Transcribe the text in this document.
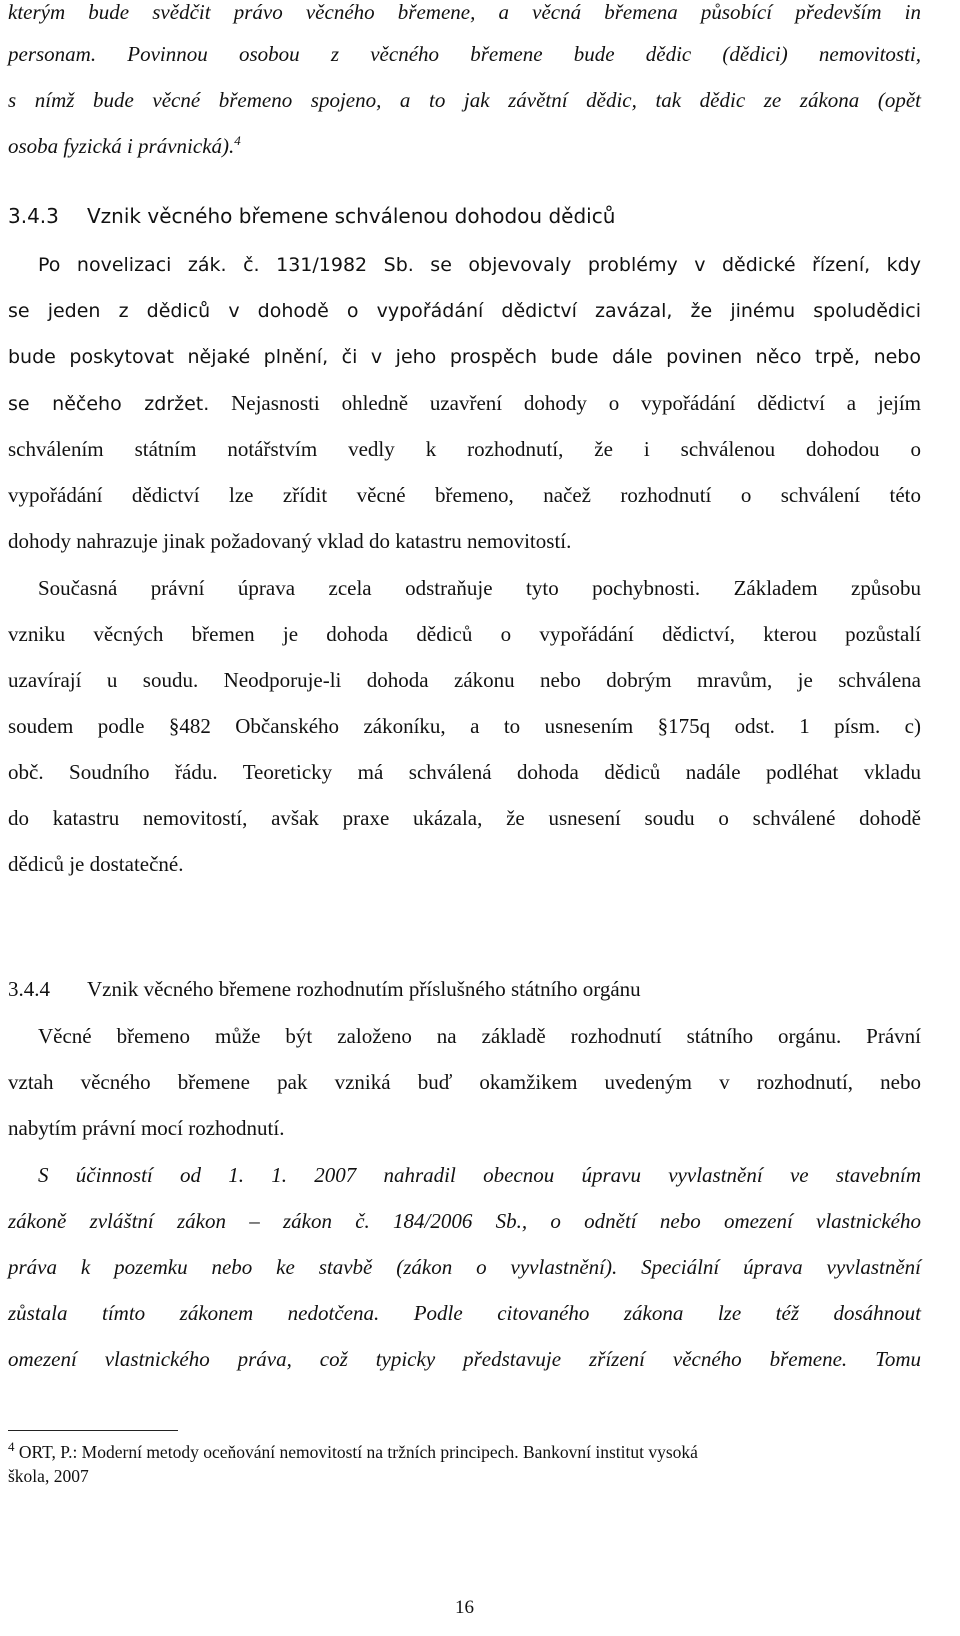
kterým bude svědčit právo věcného břemene, a věcná břemena působící především in
personam. Povinnou osobou z věcného břemene bude dědic (dědici) nemovitosti,
s nímž bude věcné břemeno spojeno, a to jak závětní dědic, tak dědic ze zákona (opět
osoba fyzická i právnická).$^4$
3.4.3 Vznik věcného břemene schválenou dohodou dědiců
Po novelizaci zák. č. 131/1982 Sb. se objevovaly problémy v dědické řízení, kdy
se jeden z dědiců v dohodě o vypořádání dědictví zavázal, že jinému spoludědici
bude poskytovat nějaké plnění, či v jeho prospěch bude dále povinen něco trpě, nebo
se něčeho zdržet. Nejasnosti ohledně uzavření dohody o vypořádání dědictví a jejím
schválením státním notářstvím vedly k rozhodnutí, že i schválenou dohodou o
vypořádání dědictví lze zřídit věcné břemeno, načež rozhodnutí o schválení této
dohody nahrazuje jinak požadovaný vklad do katastru nemovitostí.
Současná právní úprava zcela odstraňuje tyto pochybnosti. Základem způsobu
vzniku věcných břemen je dohoda dědiců o vypořádání dědictví, kterou pozůstalí
uzavírají u soudu. Neodporuje-li dohoda zákonu nebo dobrým mravům, je schválena
soudem podle §482 Občanského zákoníku, a to usnesením §175q odst. 1 písm. c)
obč. Soudního řádu. Teoreticky má schválená dohoda dědiců nadále podléhat vkladu
do katastru nemovitostí, avšak praxe ukázala, že usnesení soudu o schválené dohodě
dědiců je dostatečné.
3.4.4 Vznik věcného břemene rozhodnutím příslušného státního orgánu
Věcné břemeno může být založeno na základě rozhodnutí státního orgánu. Právní
vztah věcného břemene pak vzniká buď okamžikem uvedeným v rozhodnutí, nebo
nabytím právní mocí rozhodnutí.
S účinností od 1. 1. 2007 nahradil obecnou úpravu vyvlastnění ve stavebním
zákoně zvláštní zákon – zákon č. 184/2006 Sb., o odnětí nebo omezení vlastnického
práva k pozemku nebo ke stavbě (zákon o vyvlastnění). Speciální úprava vyvlastnění
zůstala tímto zákonem nedotčena. Podle citovaného zákona lze též dosáhnout
omezení vlastnického práva, což typicky představuje zřízení věcného břemene. Tomu
$^4$ ORT, P.: Moderní metody oceňování nemovitostí na tržních principech. Bankovní institut vysoká
škola, 2007
16
